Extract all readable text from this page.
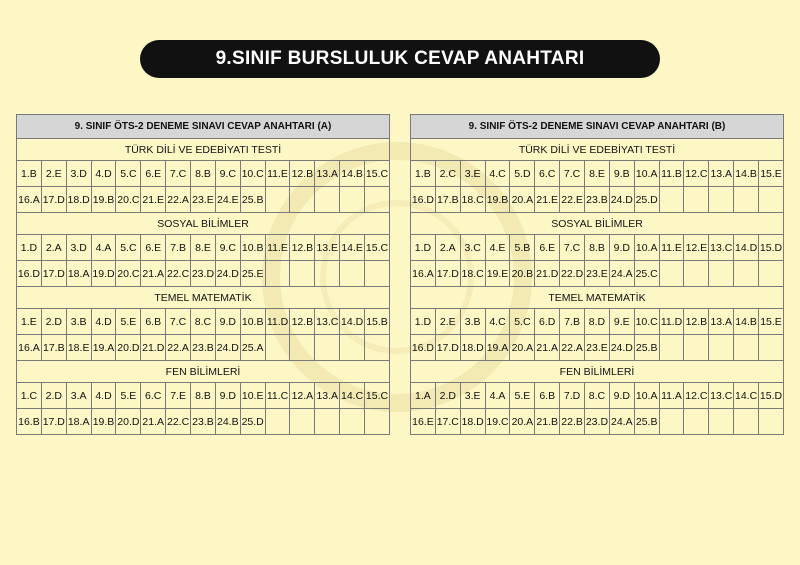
9.SINIF BURSLULUK CEVAP ANAHTARI
9. SINIF ÖTS-2 DENEME SINAVI CEVAP ANAHTARI (A)														
TÜRK DİLİ VE EDEBİYATI TESTİ														
1.B	2.E	3.D	4.D	5.C	6.E	7.C	8.B	9.C	10.C	11.E	12.B	13.A	14.B	15.C
16.A	17.D	18.D	19.B	20.C	21.E	22.A	23.E	24.E	25.B					
SOSYAL BİLİMLER														
1.D	2.A	3.D	4.A	5.C	6.E	7.B	8.E	9.C	10.B	11.E	12.B	13.E	14.E	15.C
16.D	17.D	18.A	19.D	20.C	21.A	22.C	23.D	24.D	25.E					
TEMEL MATEMATİK														
1.E	2.D	3.B	4.D	5.E	6.B	7.C	8.C	9.D	10.B	11.D	12.B	13.C	14.D	15.B
16.A	17.B	18.E	19.A	20.D	21.D	22.A	23.B	24.D	25.A					
FEN BİLİMLERİ														
1.C	2.D	3.A	4.D	5.E	6.C	7.E	8.B	9.D	10.E	11.C	12.A	13.A	14.C	15.C
16.B	17.D	18.A	19.B	20.D	21.A	22.C	23.B	24.B	25.D					
9. SINIF ÖTS-2 DENEME SINAVI CEVAP ANAHTARI (B)														
TÜRK DİLİ VE EDEBİYATI TESTİ														
1.B	2.C	3.E	4.C	5.D	6.C	7.C	8.E	9.B	10.A	11.B	12.C	13.A	14.B	15.E
16.D	17.B	18.C	19.B	20.A	21.E	22.E	23.B	24.D	25.D					
SOSYAL BİLİMLER														
1.D	2.A	3.C	4.E	5.B	6.E	7.C	8.B	9.D	10.A	11.E	12.E	13.C	14.D	15.D
16.A	17.D	18.C	19.E	20.B	21.D	22.D	23.E	24.A	25.C					
TEMEL MATEMATİK														
1.D	2.E	3.B	4.C	5.C	6.D	7.B	8.D	9.E	10.C	11.D	12.B	13.A	14.B	15.E
16.D	17.D	18.D	19.A	20.A	21.A	22.A	23.E	24.D	25.B					
FEN BİLİMLERİ														
1.A	2.D	3.E	4.A	5.E	6.B	7.D	8.C	9.D	10.A	11.A	12.C	13.C	14.C	15.D
16.E	17.C	18.D	19.C	20.A	21.B	22.B	23.D	24.A	25.B					
